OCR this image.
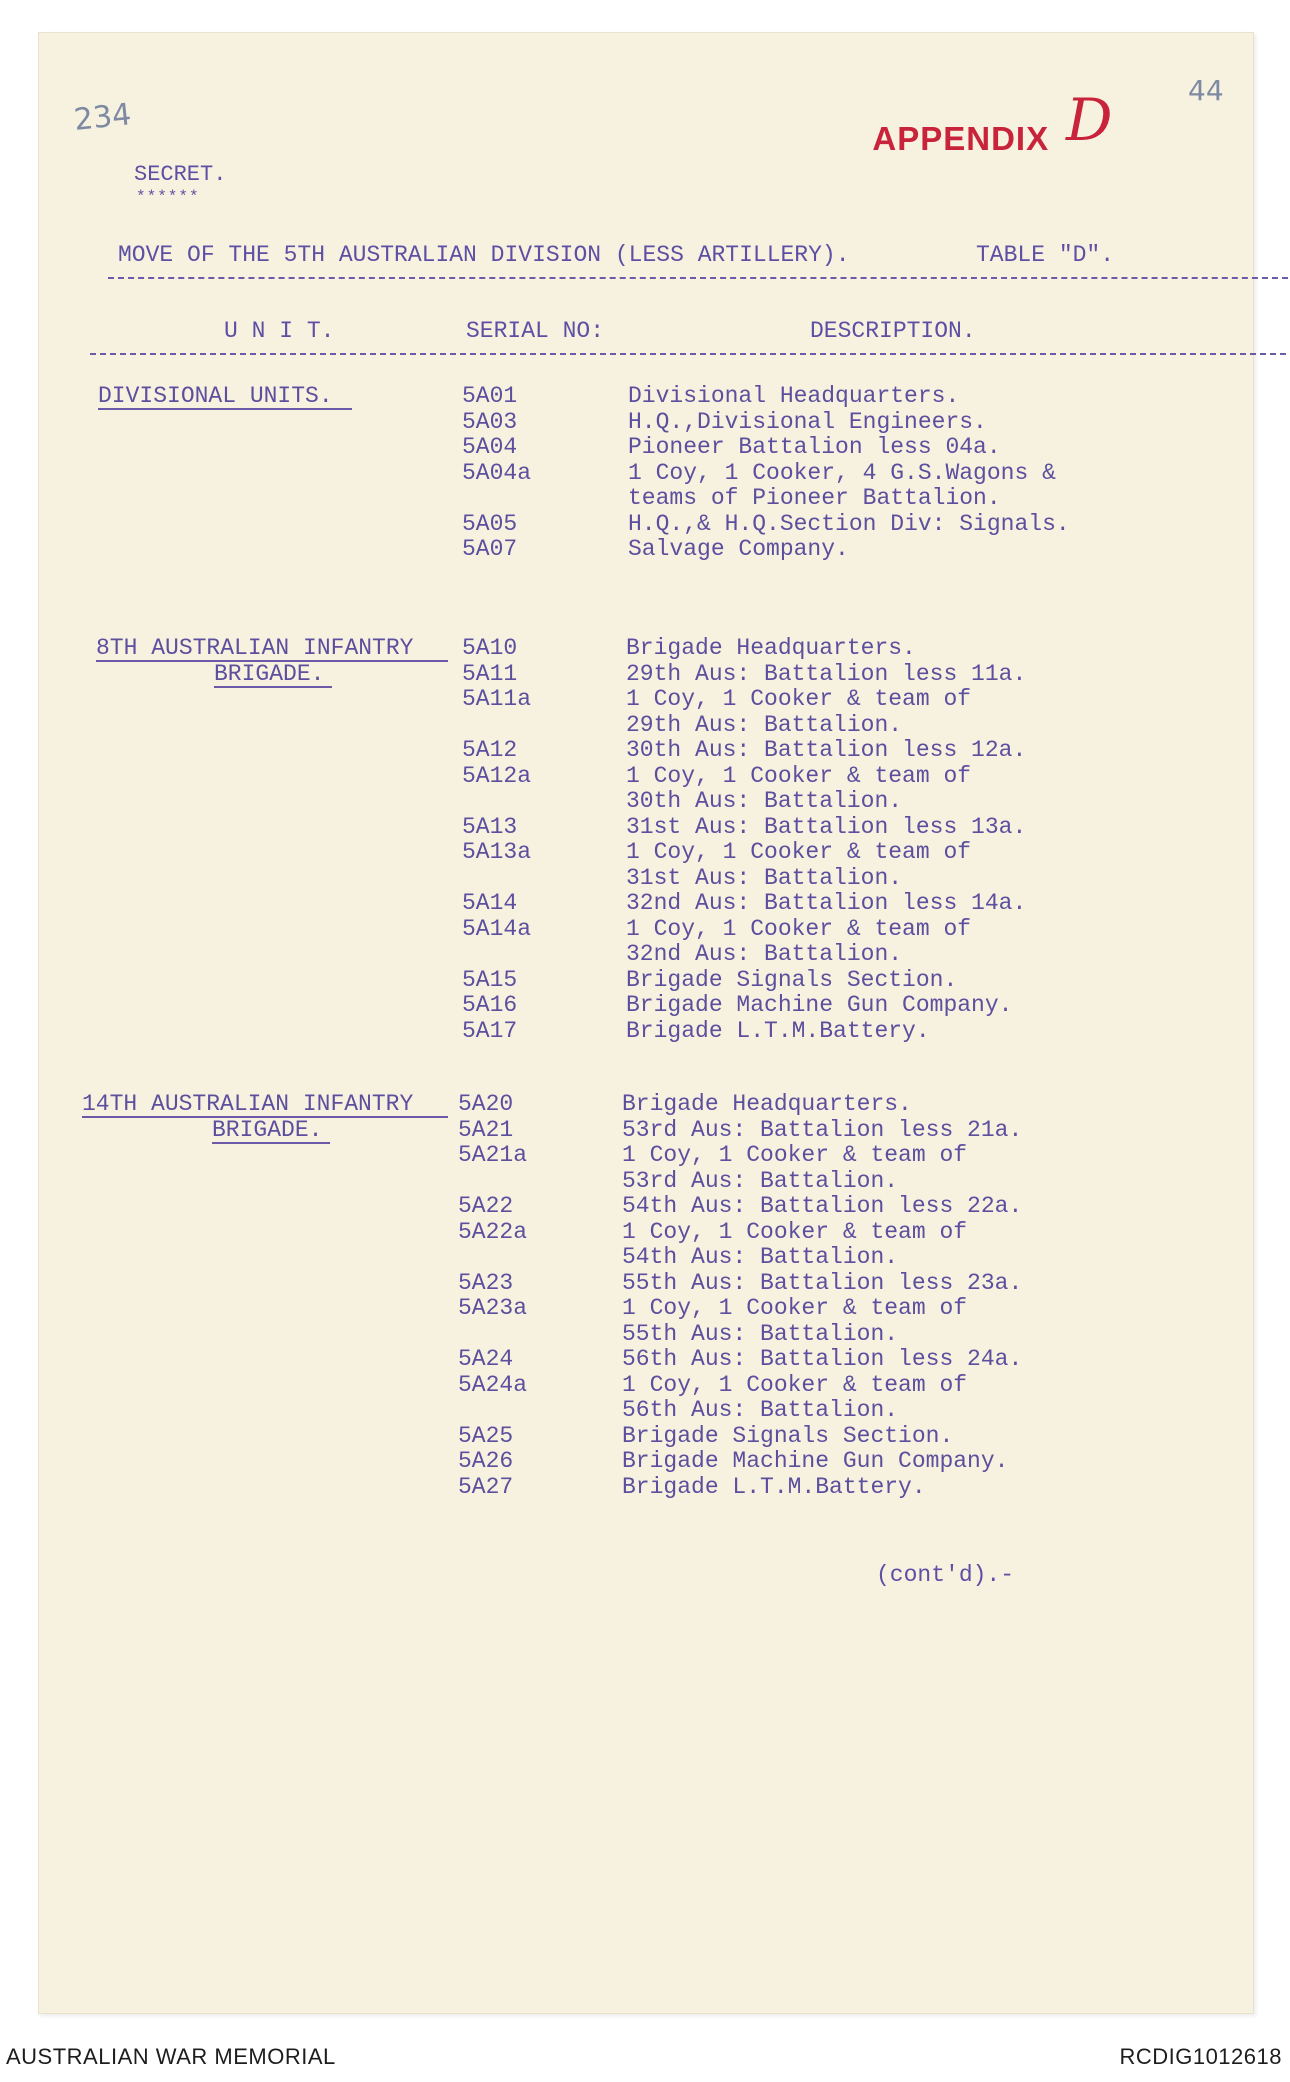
44
234

APPENDIX
D

SECRET.
******
MOVE OF THE 5TH AUSTRALIAN DIVISION (LESS ARTILLERY).	TABLE "D".
U N I T.	SERIAL NO:	DESCRIPTION.
DIVISIONAL UNITS.	5A01	Divisional Headquarters.
5A03	H.Q.,Divisional Engineers.
5A04	Pioneer Battalion less 04a.
5A04a	1 Coy, 1 Cooker, 4 G.S.Wagons &
teams of Pioneer Battalion.
5A05	H.Q.,& H.Q.Section Div: Signals.
5A07	Salvage Company.
8TH AUSTRALIAN INFANTRY
BRIGADE.
5A10	Brigade Headquarters.
5A11	29th Aus: Battalion less 11a.
5A11a	1 Coy, 1 Cooker & team of
29th Aus: Battalion.
5A12	30th Aus: Battalion less 12a.
5A12a	1 Coy, 1 Cooker & team of
30th Aus: Battalion.
5A13	31st Aus: Battalion less 13a.
5A13a	1 Coy, 1 Cooker & team of
31st Aus: Battalion.
5A14	32nd Aus: Battalion less 14a.
5A14a	1 Coy, 1 Cooker & team of
32nd Aus: Battalion.
5A15	Brigade Signals Section.
5A16	Brigade Machine Gun Company.
5A17	Brigade L.T.M.Battery.
14TH AUSTRALIAN INFANTRY
BRIGADE.
5A20	Brigade Headquarters.
5A21	53rd Aus: Battalion less 21a.
5A21a	1 Coy, 1 Cooker & team of
53rd Aus: Battalion.
5A22	54th Aus: Battalion less 22a.
5A22a	1 Coy, 1 Cooker & team of
54th Aus: Battalion.
5A23	55th Aus: Battalion less 23a.
5A23a	1 Coy, 1 Cooker & team of
55th Aus: Battalion.
5A24	56th Aus: Battalion less 24a.
5A24a	1 Coy, 1 Cooker & team of
56th Aus: Battalion.
5A25	Brigade Signals Section.
5A26	Brigade Machine Gun Company.
5A27	Brigade L.T.M.Battery.
(cont'd).-
AUSTRALIAN WAR MEMORIAL	RCDIG1012618
